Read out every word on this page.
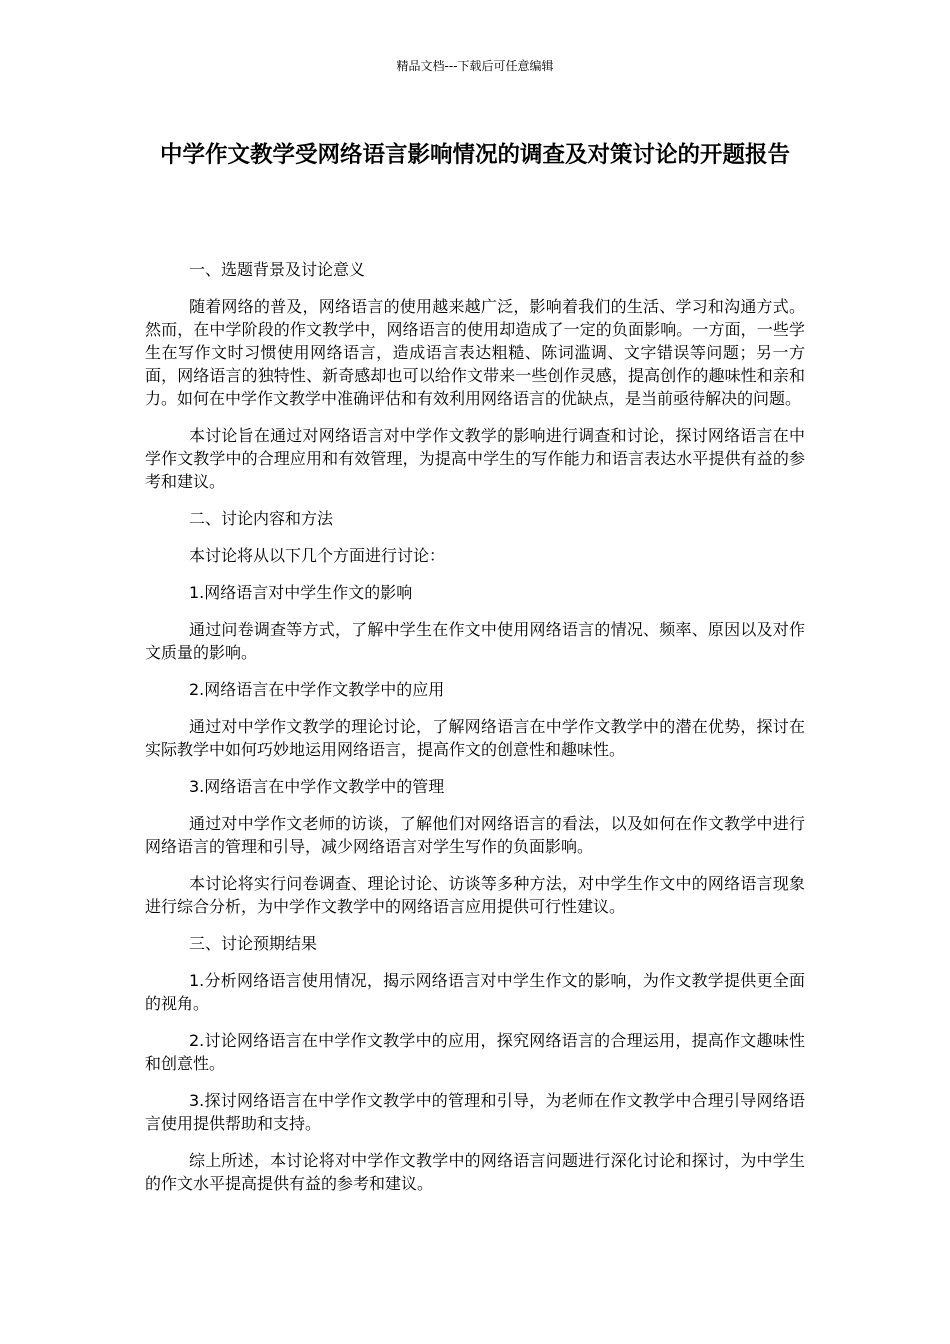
精品文档---下载后可任意编辑
中学作文教学受网络语言影响情况的调查及对策讨论的开题报告

一、选题背景及讨论意义

随着网络的普及，网络语言的使用越来越广泛，影响着我们的生活、学习和沟通方式。然而，在中学阶段的作文教学中，网络语言的使用却造成了一定的负面影响。一方面，一些学生在写作文时习惯使用网络语言，造成语言表达粗糙、陈词滥调、文字错误等问题；另一方面，网络语言的独特性、新奇感却也可以给作文带来一些创作灵感，提高创作的趣味性和亲和力。如何在中学作文教学中准确评估和有效利用网络语言的优缺点，是当前亟待解决的问题。

本讨论旨在通过对网络语言对中学作文教学的影响进行调查和讨论，探讨网络语言在中学作文教学中的合理应用和有效管理，为提高中学生的写作能力和语言表达水平提供有益的参考和建议。

二、讨论内容和方法

本讨论将从以下几个方面进行讨论：

1.网络语言对中学生作文的影响

通过问卷调查等方式，了解中学生在作文中使用网络语言的情况、频率、原因以及对作文质量的影响。

2.网络语言在中学作文教学中的应用

通过对中学作文教学的理论讨论，了解网络语言在中学作文教学中的潜在优势，探讨在实际教学中如何巧妙地运用网络语言，提高作文的创意性和趣味性。

3.网络语言在中学作文教学中的管理

通过对中学作文老师的访谈，了解他们对网络语言的看法，以及如何在作文教学中进行网络语言的管理和引导，减少网络语言对学生写作的负面影响。

本讨论将实行问卷调查、理论讨论、访谈等多种方法，对中学生作文中的网络语言现象进行综合分析，为中学作文教学中的网络语言应用提供可行性建议。

三、讨论预期结果

1.分析网络语言使用情况，揭示网络语言对中学生作文的影响，为作文教学提供更全面的视角。

2.讨论网络语言在中学作文教学中的应用，探究网络语言的合理运用，提高作文趣味性和创意性。

3.探讨网络语言在中学作文教学中的管理和引导，为老师在作文教学中合理引导网络语言使用提供帮助和支持。

综上所述，本讨论将对中学作文教学中的网络语言问题进行深化讨论和探讨，为中学生的作文水平提高提供有益的参考和建议。
